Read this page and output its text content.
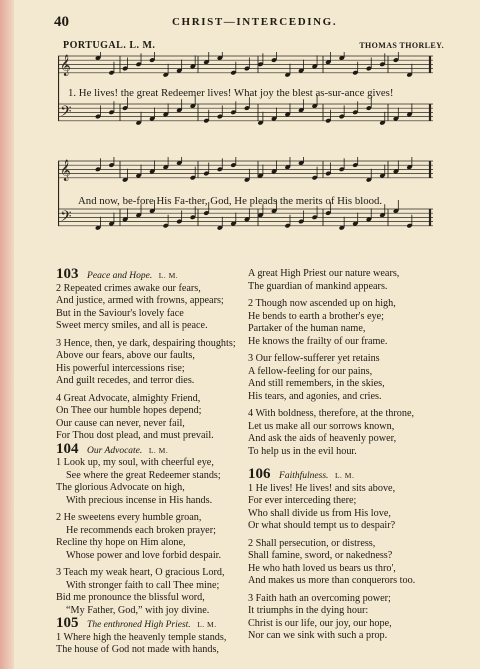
40	CHRIST—INTERCEDING.
PORTUGAL. L. M.	THOMAS THORLEY.
𝄞
𝄢
1. He lives! the great Redeemer lives! What joy the blest as-sur-ance gives!
𝄞
𝄢
And now, be-fore His Fa-ther, God, He pleads the merits of His blood.
103 Peace and Hope. L. M.
2 Repeated crimes awake our fears,
And justice, armed with frowns, appears;
But in the Saviour's lovely face
Sweet mercy smiles, and all is peace.
3 Hence, then, ye dark, despairing thoughts;
Above our fears, above our faults,
His powerful intercessions rise;
And guilt recedes, and terror dies.
4 Great Advocate, almighty Friend,
On Thee our humble hopes depend;
Our cause can never, never fail,
For Thou dost plead, and must prevail.
104 Our Advocate. L. M.
1 Look up, my soul, with cheerful eye,
See where the great Redeemer stands;
The glorious Advocate on high,
With precious incense in His hands.
2 He sweetens every humble groan,
He recommends each broken prayer;
Recline thy hope on Him alone,
Whose power and love forbid despair.
3 Teach my weak heart, O gracious Lord,
With stronger faith to call Thee mine;
Bid me pronounce the blissful word,
“My Father, God,” with joy divine.
105 The enthroned High Priest. L. M.
1 Where high the heavenly temple stands,
The house of God not made with hands,
A great High Priest our nature wears,
The guardian of mankind appears.
2 Though now ascended up on high,
He bends to earth a brother's eye;
Partaker of the human name,
He knows the frailty of our frame.
3 Our fellow-sufferer yet retains
A fellow-feeling for our pains,
And still remembers, in the skies,
His tears, and agonies, and cries.
4 With boldness, therefore, at the throne,
Let us make all our sorrows known,
And ask the aids of heavenly power,
To help us in the evil hour.
106 Faithfulness. L. M.
1 He lives! He lives! and sits above,
For ever interceding there;
Who shall divide us from His love,
Or what should tempt us to despair?
2 Shall persecution, or distress,
Shall famine, sword, or nakedness?
He who hath loved us bears us thro',
And makes us more than conquerors too.
3 Faith hath an overcoming power;
It triumphs in the dying hour:
Christ is our life, our joy, our hope,
Nor can we sink with such a prop.
